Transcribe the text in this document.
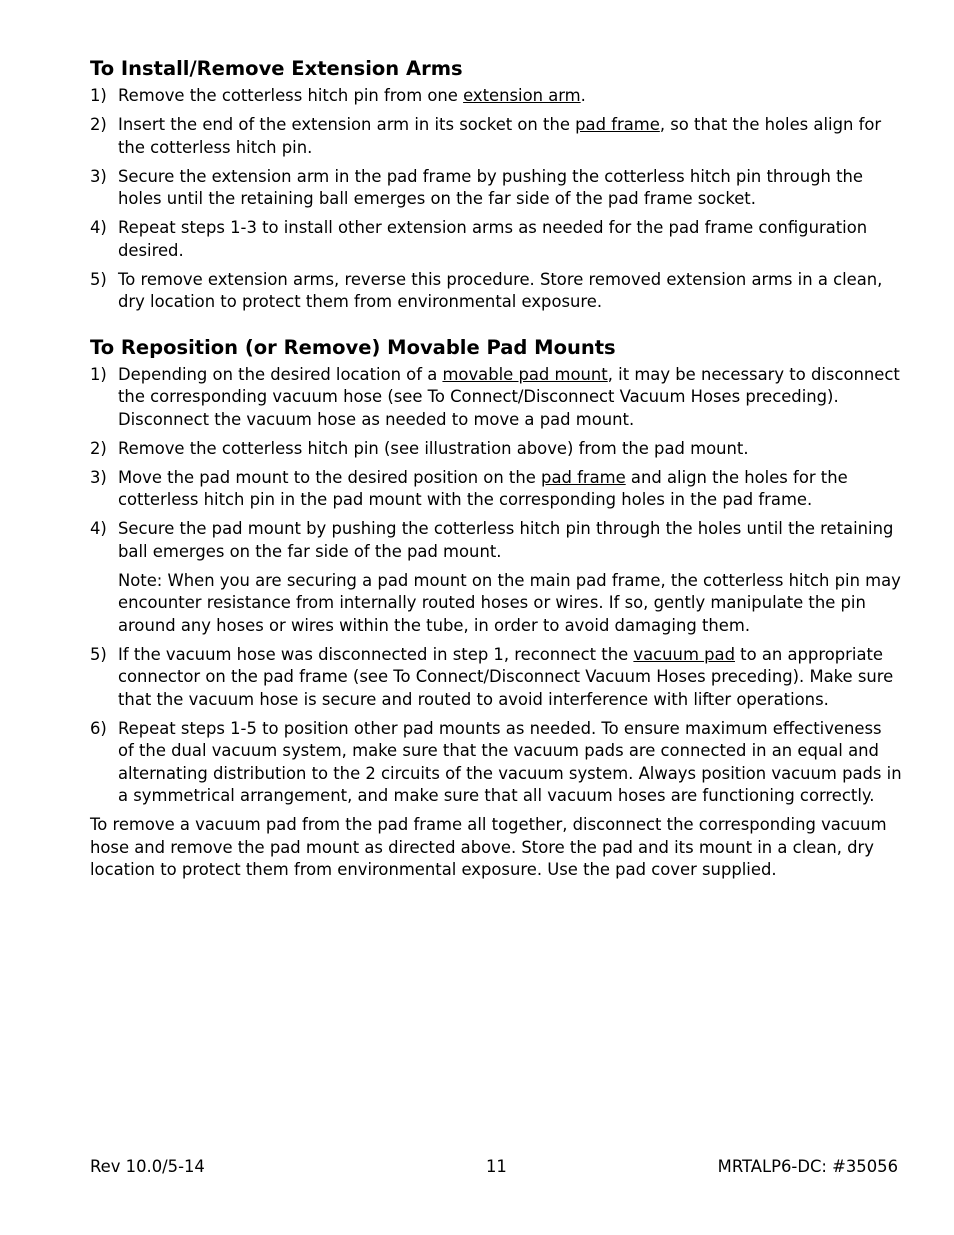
To Install/Remove Extension Arms
1) Remove the cotterless hitch pin from one extension arm.
2) Insert the end of the extension arm in its socket on the pad frame, so that the holes align for the cotterless hitch pin.
3) Secure the extension arm in the pad frame by pushing the cotterless hitch pin through the holes until the retaining ball emerges on the far side of the pad frame socket.
4) Repeat steps 1-3 to install other extension arms as needed for the pad frame configuration desired.
5) To remove extension arms, reverse this procedure. Store removed extension arms in a clean, dry location to protect them from environmental exposure.
To Reposition (or Remove) Movable Pad Mounts
1) Depending on the desired location of a movable pad mount, it may be necessary to disconnect the corresponding vacuum hose (see To Connect/Disconnect Vacuum Hoses preceding). Disconnect the vacuum hose as needed to move a pad mount.
2) Remove the cotterless hitch pin (see illustration above) from the pad mount.
3) Move the pad mount to the desired position on the pad frame and align the holes for the cotterless hitch pin in the pad mount with the corresponding holes in the pad frame.
4) Secure the pad mount by pushing the cotterless hitch pin through the holes until the retaining ball emerges on the far side of the pad mount.
Note: When you are securing a pad mount on the main pad frame, the cotterless hitch pin may encounter resistance from internally routed hoses or wires. If so, gently manipulate the pin around any hoses or wires within the tube, in order to avoid damaging them.
5) If the vacuum hose was disconnected in step 1, reconnect the vacuum pad to an appropriate connector on the pad frame (see To Connect/Disconnect Vacuum Hoses preceding). Make sure that the vacuum hose is secure and routed to avoid interference with lifter operations.
6) Repeat steps 1-5 to position other pad mounts as needed. To ensure maximum effectiveness of the dual vacuum system, make sure that the vacuum pads are connected in an equal and alternating distribution to the 2 circuits of the vacuum system. Always position vacuum pads in a symmetrical arrangement, and make sure that all vacuum hoses are functioning correctly.

To remove a vacuum pad from the pad frame all together, disconnect the corresponding vacuum hose and remove the pad mount as directed above. Store the pad and its mount in a clean, dry location to protect them from environmental exposure. Use the pad cover supplied.

Rev 10.0/5-14	11	MRTALP6-DC: #35056
